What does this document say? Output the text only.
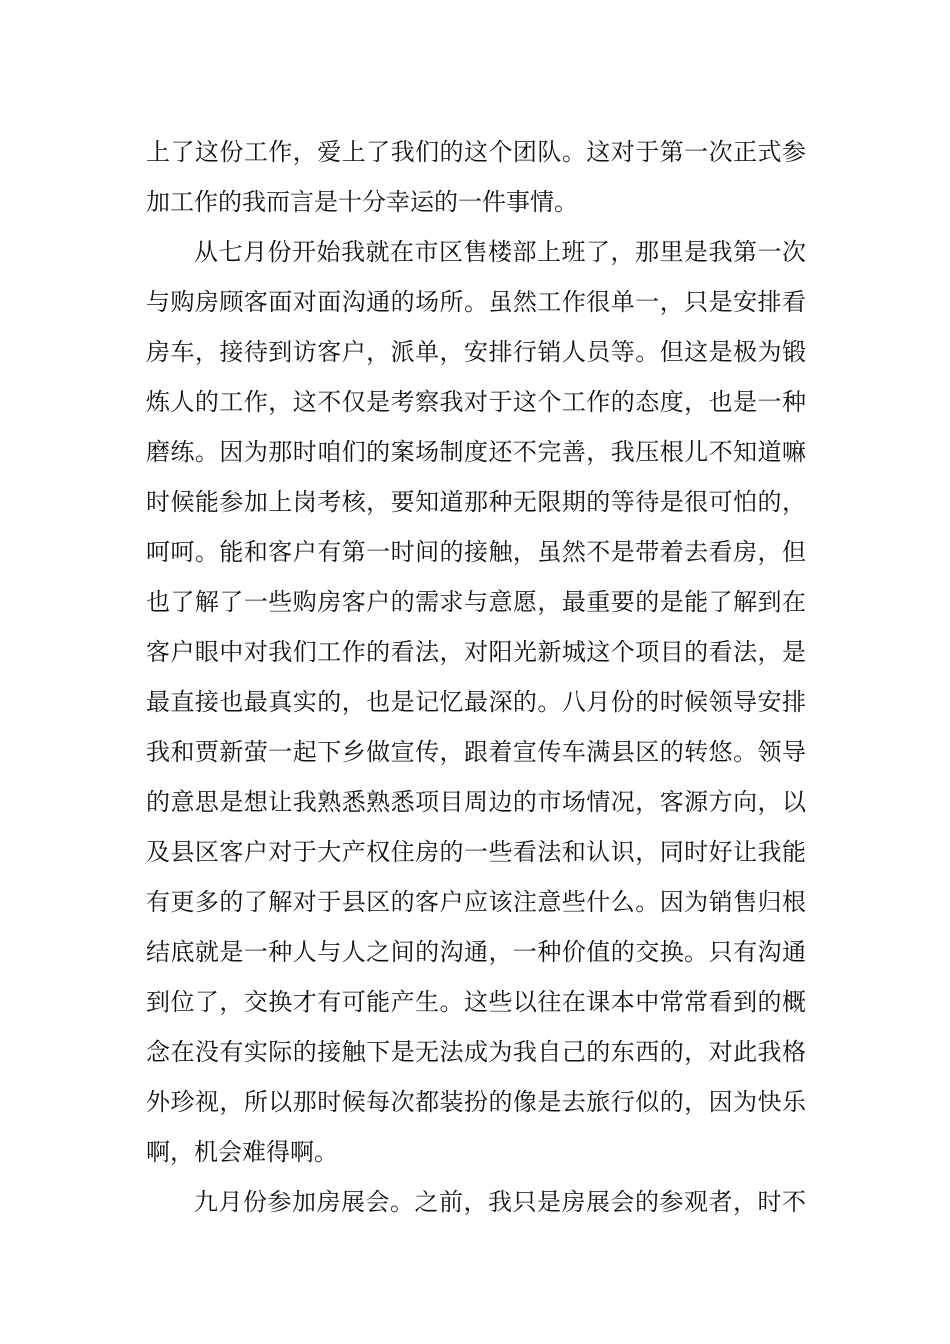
上了这份工作，爱上了我们的这个团队。这对于第一次正式参
加工作的我而言是十分幸运的一件事情。
从七月份开始我就在市区售楼部上班了，那里是我第一次
与购房顾客面对面沟通的场所。虽然工作很单一，只是安排看
房车，接待到访客户，派单，安排行销人员等。但这是极为锻
炼人的工作，这不仅是考察我对于这个工作的态度，也是一种
磨练。因为那时咱们的案场制度还不完善，我压根儿不知道嘛
时候能参加上岗考核，要知道那种无限期的等待是很可怕的，
呵呵。能和客户有第一时间的接触，虽然不是带着去看房，但
也了解了一些购房客户的需求与意愿，最重要的是能了解到在
客户眼中对我们工作的看法，对阳光新城这个项目的看法，是
最直接也最真实的，也是记忆最深的。八月份的时候领导安排
我和贾新萤一起下乡做宣传，跟着宣传车满县区的转悠。领导
的意思是想让我熟悉熟悉项目周边的市场情况，客源方向，以
及县区客户对于大产权住房的一些看法和认识，同时好让我能
有更多的了解对于县区的客户应该注意些什么。因为销售归根
结底就是一种人与人之间的沟通，一种价值的交换。只有沟通
到位了，交换才有可能产生。这些以往在课本中常常看到的概
念在没有实际的接触下是无法成为我自己的东西的，对此我格
外珍视，所以那时候每次都装扮的像是去旅行似的，因为快乐
啊，机会难得啊。
九月份参加房展会。之前，我只是房展会的参观者，时不
